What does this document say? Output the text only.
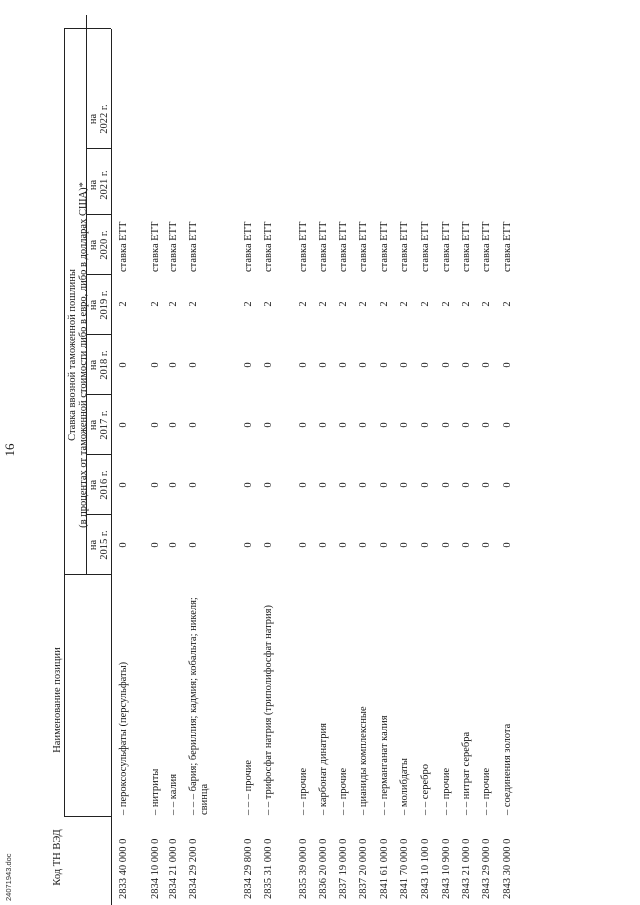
16
24071943.doc	Код ТН ВЭД
Наименование позиции
Ставка ввозной таможенной пошлины (в процентах от таможенной стоимости либо в евро, либо в долларах США)*
на 2015 г.
на 2016 г.
на 2017 г.
на 2018 г.
на 2019 г.
на 2020 г.
на 2021 г.
на 2022 г.
2833 40 000 0
– пероксосульфаты (персульфаты)
0
0
0
0
2
ставка ЕТТ
2834 10 000 0
– нитриты
0
0
0
0
2
ставка ЕТТ
2834 21 000 0
– – калия
0
0
0
0
2
ставка ЕТТ
2834 29 200 0
– – – бария; бериллия; кадмия; кобальта; никеля; свинца
0
0
0
0
2
ставка ЕТТ
2834 29 800 0
– – – прочие
0
0
0
0
2
ставка ЕТТ
2835 31 000 0
– – трифосфат натрия (триполифосфат натрия)
0
0
0
0
2
ставка ЕТТ
2835 39 000 0
– – прочие
0
0
0
0
2
ставка ЕТТ
2836 20 000 0
– карбонат динатрия
0
0
0
0
2
ставка ЕТТ
2837 19 000 0
– – прочие
0
0
0
0
2
ставка ЕТТ
2837 20 000 0
– цианиды комплексные
0
0
0
0
2
ставка ЕТТ
2841 61 000 0
– – перманганат калия
0
0
0
0
2
ставка ЕТТ
2841 70 000 0
– молибдаты
0
0
0
0
2
ставка ЕТТ
2843 10 100 0
– – серебро
0
0
0
0
2
ставка ЕТТ
2843 10 900 0
– – прочие
0
0
0
0
2
ставка ЕТТ
2843 21 000 0
– – нитрат серебра
0
0
0
0
2
ставка ЕТТ
2843 29 000 0
– – прочие
0
0
0
0
2
ставка ЕТТ
2843 30 000 0
– соединения золота
0
0
0
0
2
ставка ЕТТ
